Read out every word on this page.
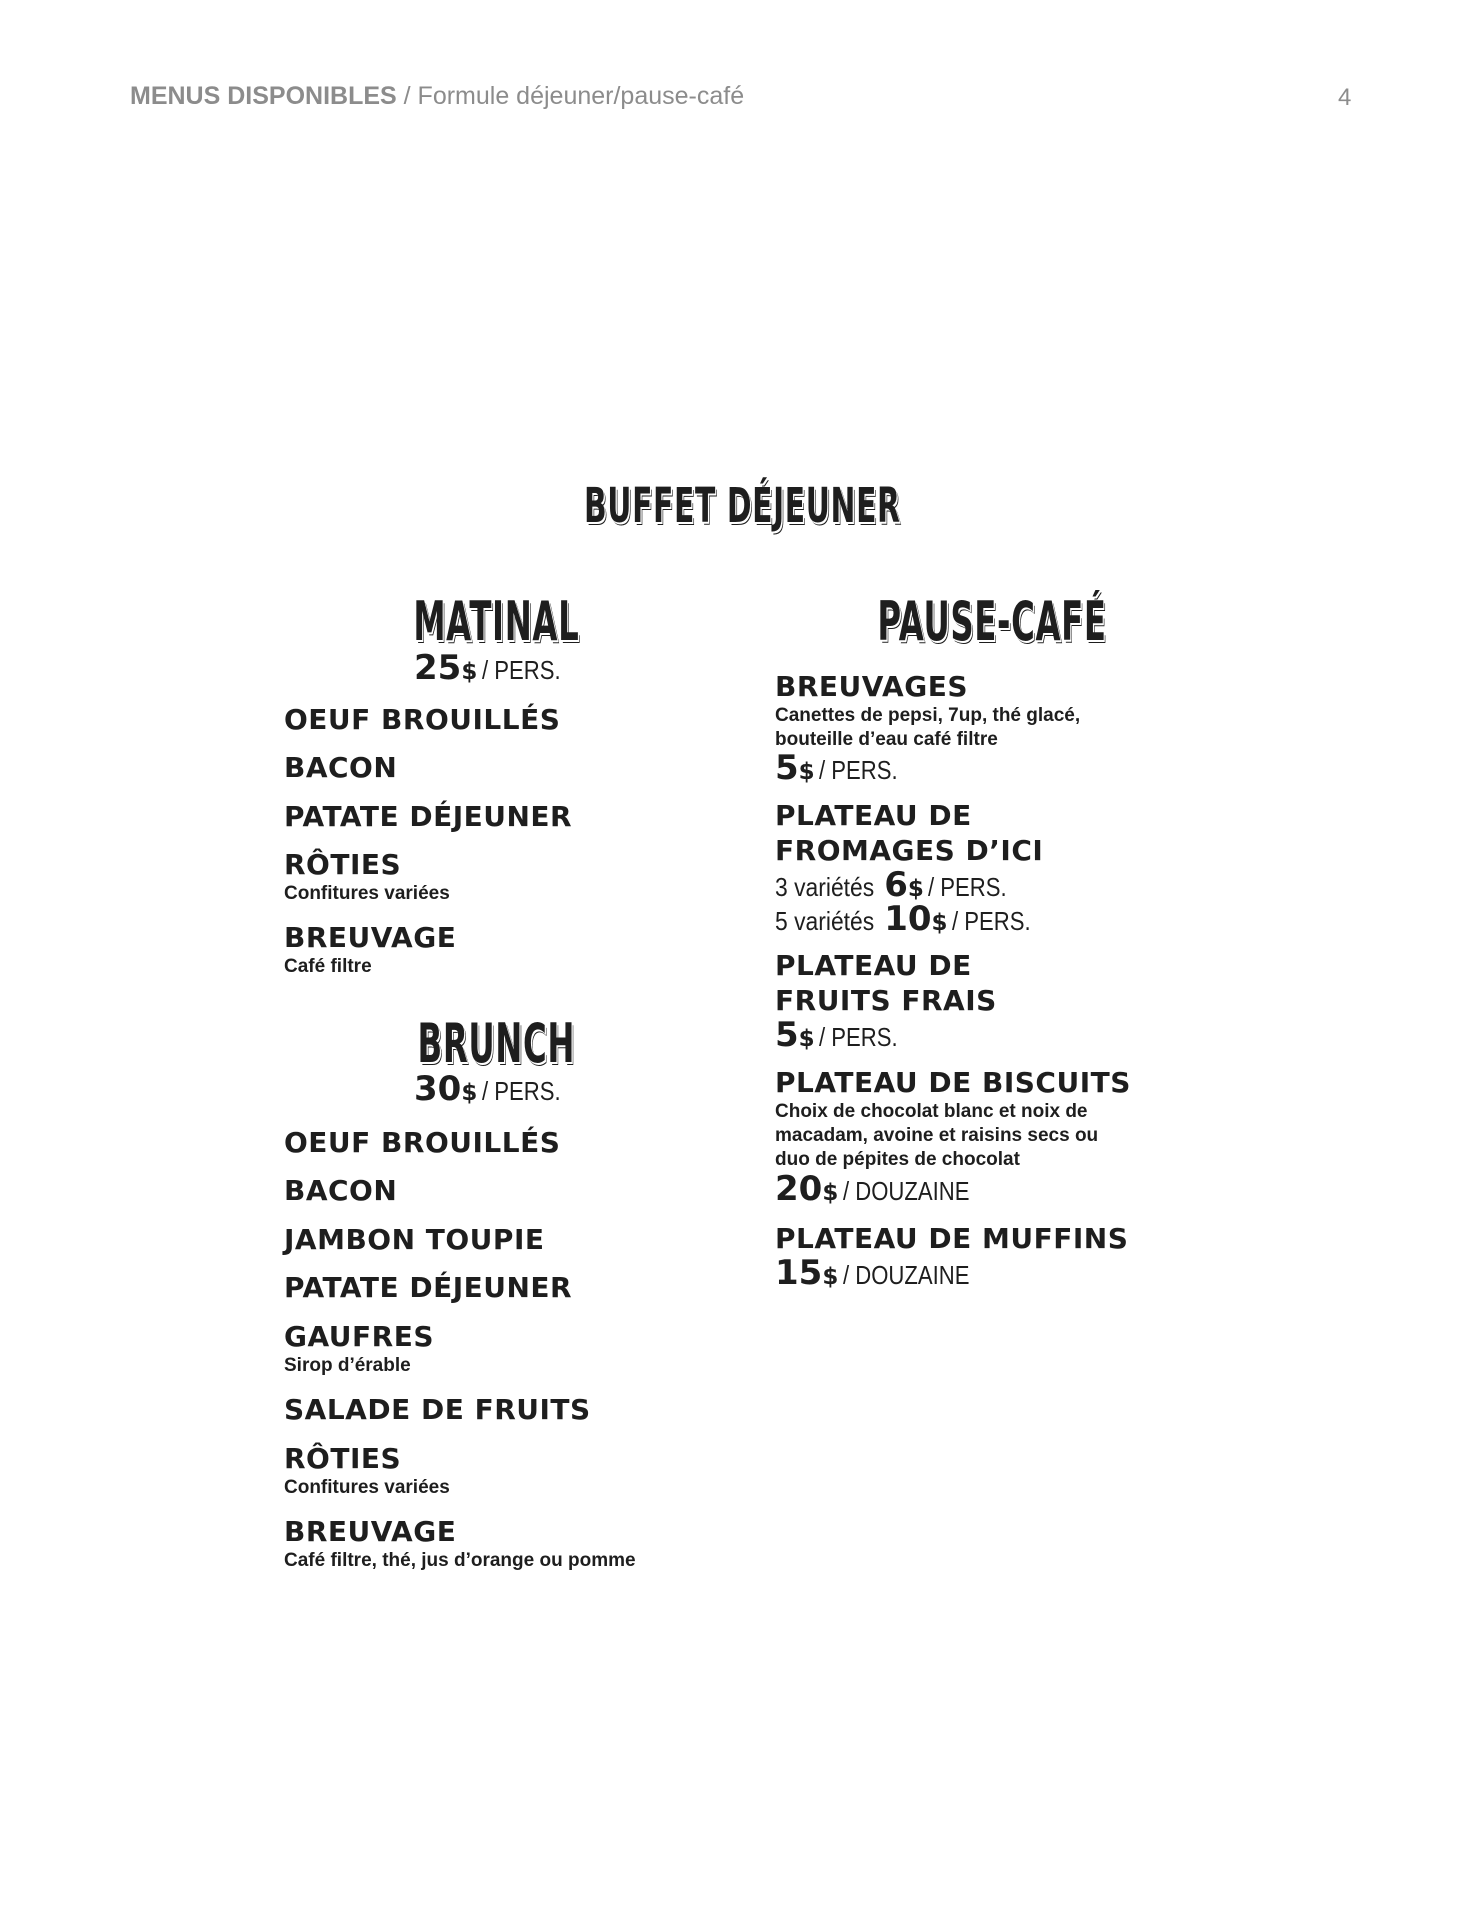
MENUS DISPONIBLES / Formule déjeuner/pause-café	4
BUFFET DÉJEUNER
MATINAL
25$ / PERS.
OEUF BROUILLÉS
BACON
PATATE DÉJEUNER
RÔTIES
Confitures variées
BREUVAGE
Café filtre
BRUNCH
30$ / PERS.
OEUF BROUILLÉS
BACON
JAMBON TOUPIE
PATATE DÉJEUNER
GAUFRES
Sirop d’érable
SALADE DE FRUITS
RÔTIES
Confitures variées
BREUVAGE
Café filtre, thé, jus d’orange ou pomme
PAUSE-CAFÉ
BREUVAGES
Canettes de pepsi, 7up, thé glacé,
bouteille d’eau café filtre
5$ / PERS.
PLATEAU DE
FROMAGES D’ICI
3 variétés 6$ / PERS.
5 variétés 10$ / PERS.
PLATEAU DE
FRUITS FRAIS
5$ / PERS.
PLATEAU DE BISCUITS
Choix de chocolat blanc et noix de
macadam, avoine et raisins secs ou
duo de pépites de chocolat
20$ / DOUZAINE
PLATEAU DE MUFFINS
15$ / DOUZAINE
